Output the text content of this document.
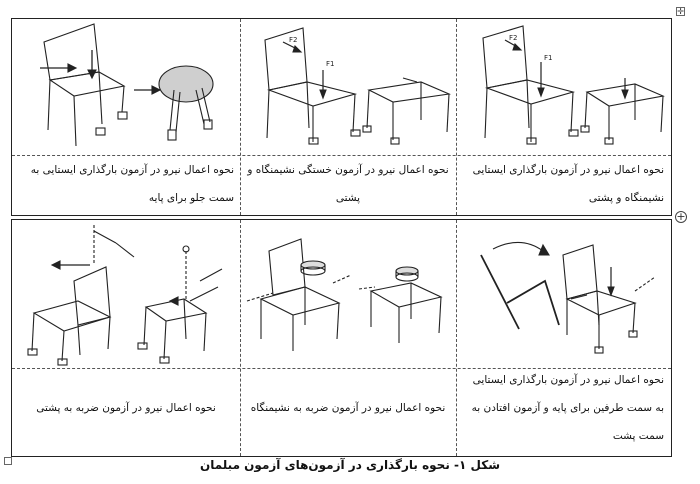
✛
F2
F1
F2
F1
نحوه اعمال نیرو در آزمون بارگذاری ایستایی نشیمنگاه و پشتی
نحوه اعمال نیرو در آزمون خستگی نشیمنگاه و پشتی
نحوه اعمال نیرو در آزمون بارگذاری ایستایی به سمت جلو برای پایه
+
نحوه اعمال نیرو در آزمون بارگذاری ایستایی به سمت طرفین برای پایه و آزمون افتادن به سمت پشت
نحوه اعمال نیرو در آزمون ضربه به نشیمنگاه
نحوه اعمال نیرو در آزمون ضربه به پشتی
شکل ۱- نحوه بارگذاری در آزمون‌های آزمون مبلمان
